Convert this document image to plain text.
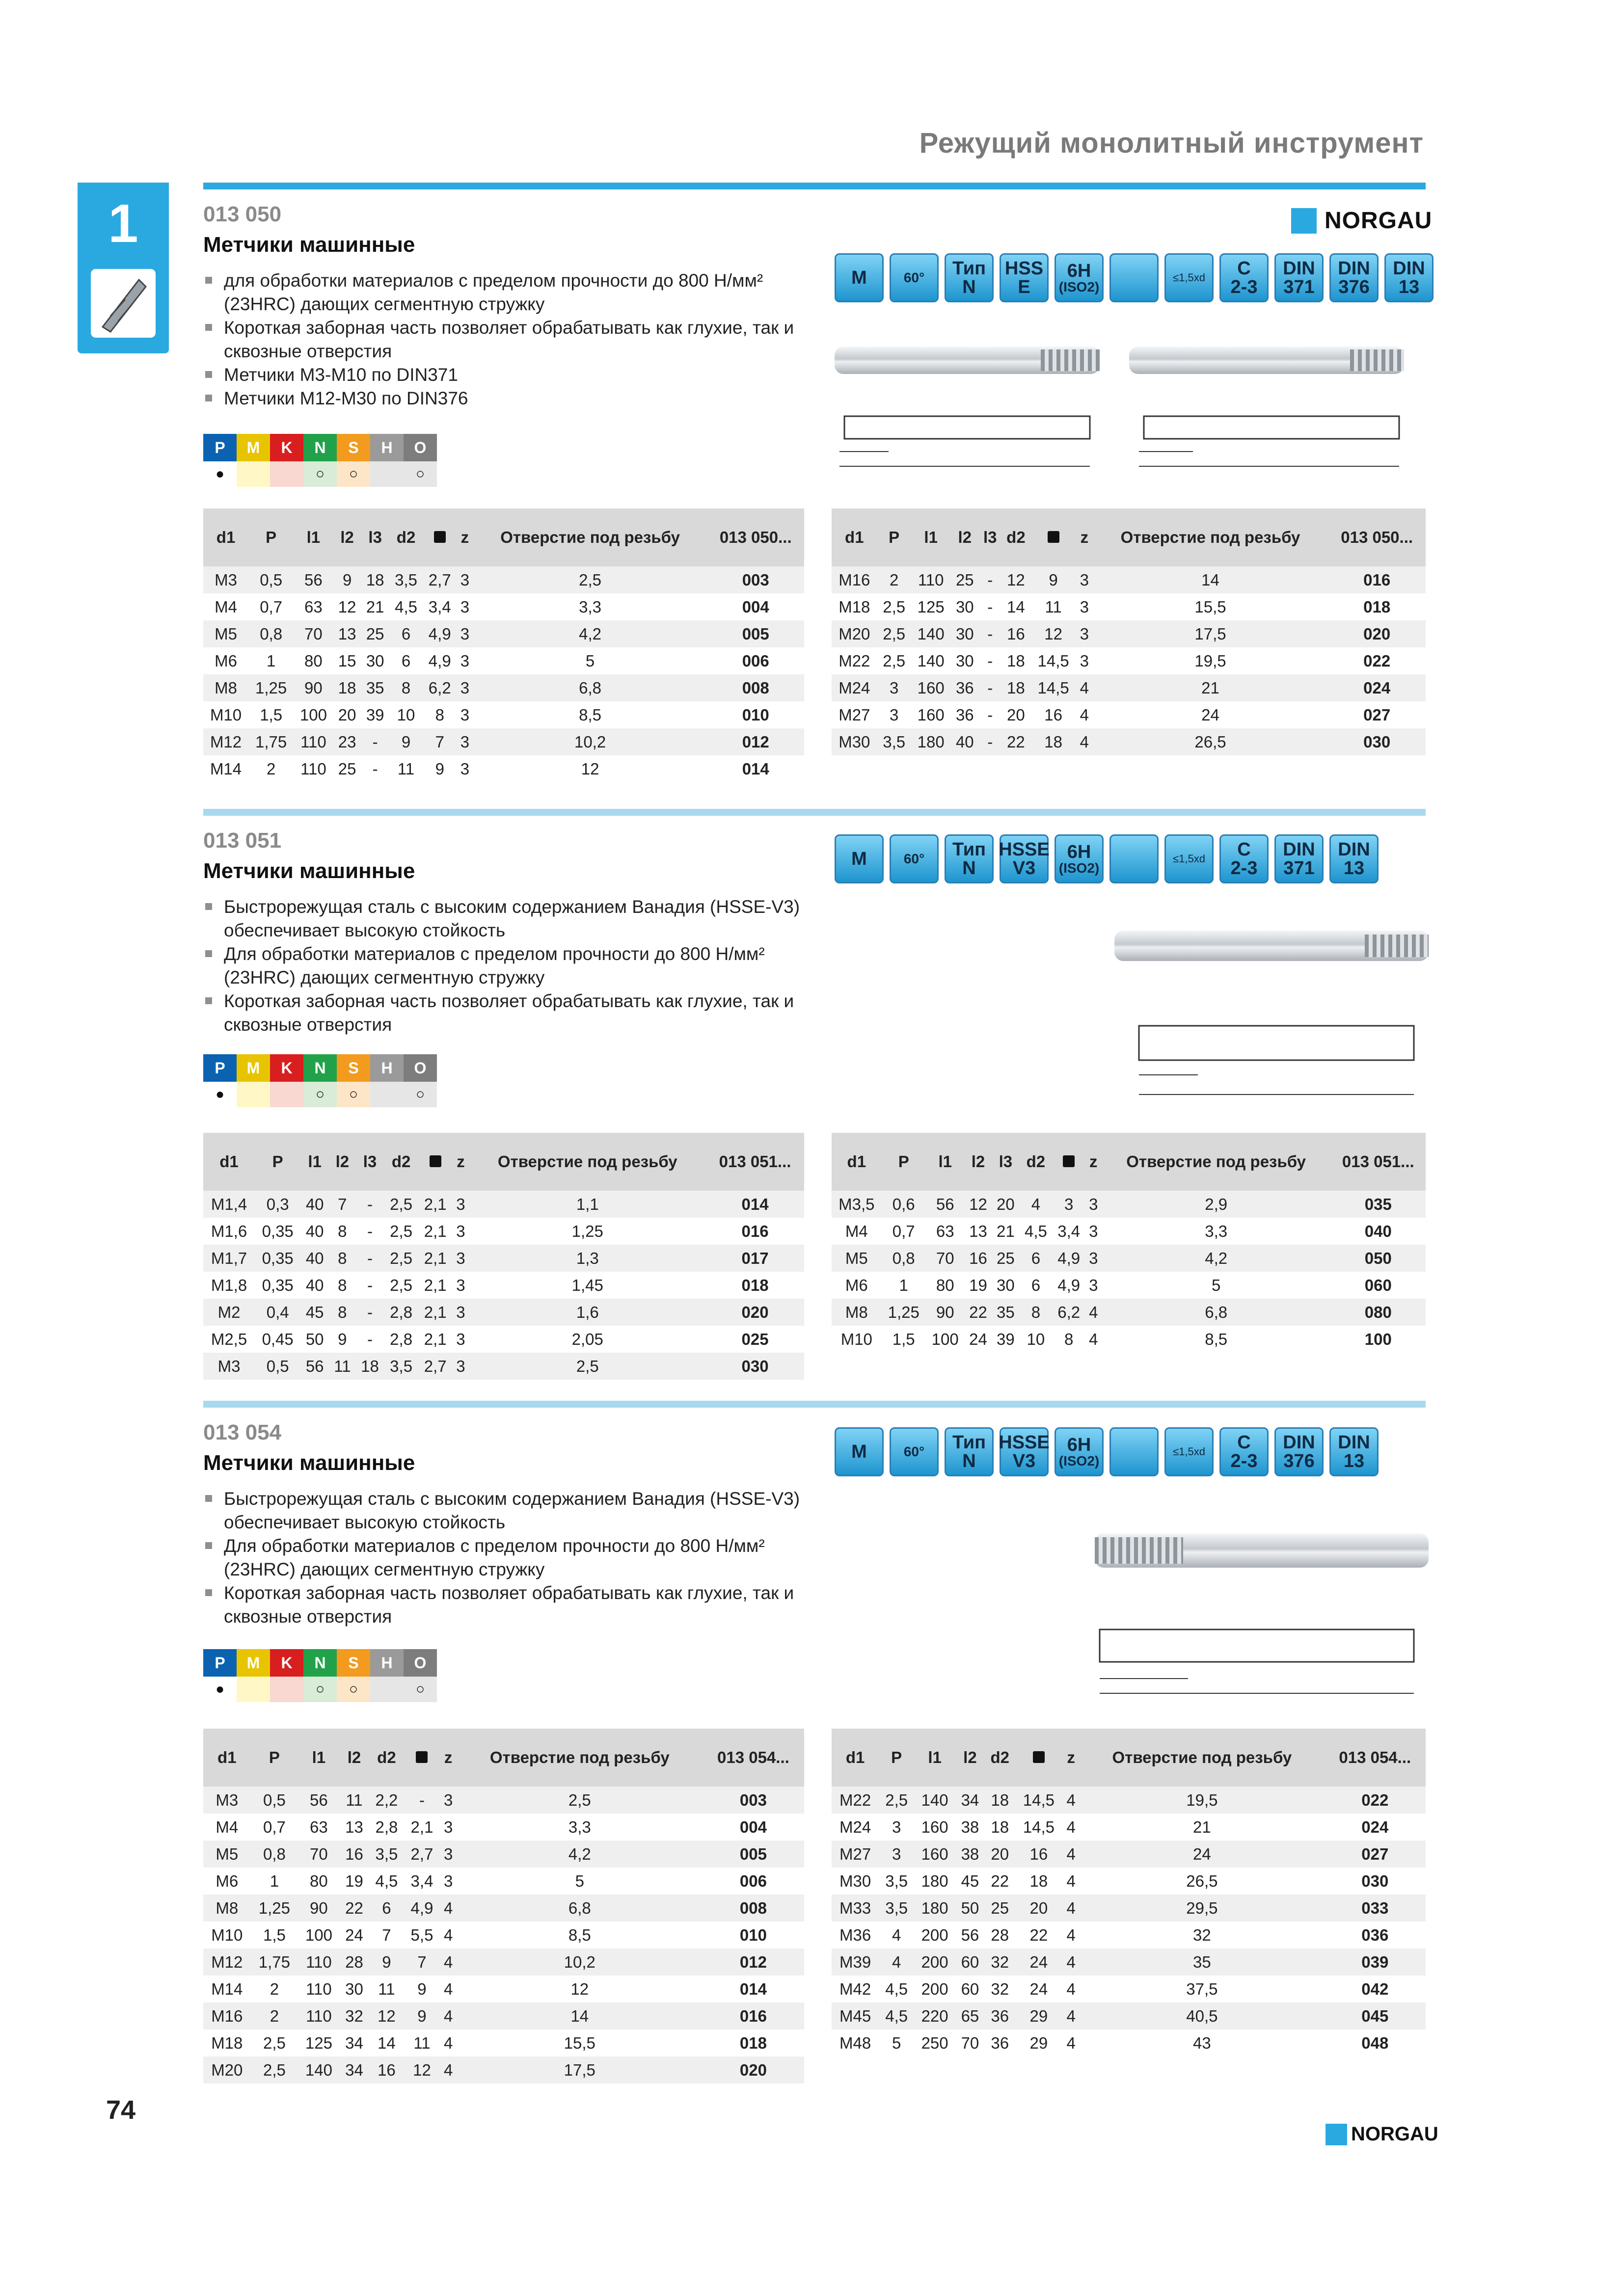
Режущий монолитный инструмент
1	NORGAU
013 050
Метчики машинные
для обработки материалов с пределом прочности до 800 Н/мм² (23HRC) дающих сегментную стружку
Короткая заборная часть позволяет обрабатывать как глухие, так и сквозные отверстия
Метчики М3-М10 по DIN371
Метчики М12-М30 по DIN376
P	M	K	N	S	H	O
●	○	○	○
M	60° Тип
N
HSS
E
6H
(ISO2)
≤1,5xd C
2-3
DIN
371
DIN
376
DIN
13
d1	P	l1	l2	l3	d2		z	Отверстие под резьбу	013 050...
M3	0,5	56	9	18	3,5	2,7	3	2,5	003
M4	0,7	63	12	21	4,5	3,4	3	3,3	004
M5	0,8	70	13	25	6	4,9	3	4,2	005
M6	1	80	15	30	6	4,9	3	5	006
M8	1,25	90	18	35	8	6,2	3	6,8	008
M10	1,5	100	20	39	10	8	3	8,5	010
M12	1,75	110	23	-	9	7	3	10,2	012
M14	2	110	25	-	11	9	3	12	014
d1	P	l1	l2	l3	d2		z	Отверстие под резьбу	013 050...
M16	2	110	25	-	12	9	3	14	016
M18	2,5	125	30	-	14	11	3	15,5	018
M20	2,5	140	30	-	16	12	3	17,5	020
M22	2,5	140	30	-	18	14,5	3	19,5	022
M24	3	160	36	-	18	14,5	4	21	024
M27	3	160	36	-	20	16	4	24	027
M30	3,5	180	40	-	22	18	4	26,5	030
013 051
Метчики машинные
Быстрорежущая сталь с высоким содержанием Ванадия (HSSE-V3) обеспечивает высокую стойкость
Для обработки материалов с пределом прочности до 800 Н/мм² (23HRC) дающих сегментную стружку
Короткая заборная часть позволяет обрабатывать как глухие, так и сквозные отверстия
P	M	K	N	S	H	O
●	○	○	○
M	60° Тип
N
HSSE
V3
6H
(ISO2)
≤1,5xd C
2-3
DIN
371
DIN
13
d1	P	l1	l2	l3	d2		z	Отверстие под резьбу	013 051...
M1,4	0,3	40	7	-	2,5	2,1	3	1,1	014
M1,6	0,35	40	8	-	2,5	2,1	3	1,25	016
M1,7	0,35	40	8	-	2,5	2,1	3	1,3	017
M1,8	0,35	40	8	-	2,5	2,1	3	1,45	018
M2	0,4	45	8	-	2,8	2,1	3	1,6	020
M2,5	0,45	50	9	-	2,8	2,1	3	2,05	025
M3	0,5	56	11	18	3,5	2,7	3	2,5	030
d1	P	l1	l2	l3	d2		z	Отверстие под резьбу	013 051...
M3,5	0,6	56	12	20	4	3	3	2,9	035
M4	0,7	63	13	21	4,5	3,4	3	3,3	040
M5	0,8	70	16	25	6	4,9	3	4,2	050
M6	1	80	19	30	6	4,9	3	5	060
M8	1,25	90	22	35	8	6,2	4	6,8	080
M10	1,5	100	24	39	10	8	4	8,5	100
013 054
Метчики машинные
Быстрорежущая сталь с высоким содержанием Ванадия (HSSE-V3) обеспечивает высокую стойкость
Для обработки материалов с пределом прочности до 800 Н/мм² (23HRC) дающих сегментную стружку
Короткая заборная часть позволяет обрабатывать как глухие, так и сквозные отверстия
P	M	K	N	S	H	O
●	○	○	○
M	60° Тип
N
HSSE
V3
6H
(ISO2)
≤1,5xd C
2-3
DIN
376
DIN
13
d1	P	l1	l2	d2		z	Отверстие под резьбу	013 054...
M3	0,5	56	11	2,2	-	3	2,5	003
M4	0,7	63	13	2,8	2,1	3	3,3	004
M5	0,8	70	16	3,5	2,7	3	4,2	005
M6	1	80	19	4,5	3,4	3	5	006
M8	1,25	90	22	6	4,9	4	6,8	008
M10	1,5	100	24	7	5,5	4	8,5	010
M12	1,75	110	28	9	7	4	10,2	012
M14	2	110	30	11	9	4	12	014
M16	2	110	32	12	9	4	14	016
M18	2,5	125	34	14	11	4	15,5	018
M20	2,5	140	34	16	12	4	17,5	020
d1	P	l1	l2	d2		z	Отверстие под резьбу	013 054...
M22	2,5	140	34	18	14,5	4	19,5	022
M24	3	160	38	18	14,5	4	21	024
M27	3	160	38	20	16	4	24	027
M30	3,5	180	45	22	18	4	26,5	030
M33	3,5	180	50	25	20	4	29,5	033
M36	4	200	56	28	22	4	32	036
M39	4	200	60	32	24	4	35	039
M42	4,5	200	60	32	24	4	37,5	042
M45	4,5	220	65	36	29	4	40,5	045
M48	5	250	70	36	29	4	43	048
74
NORGAU
